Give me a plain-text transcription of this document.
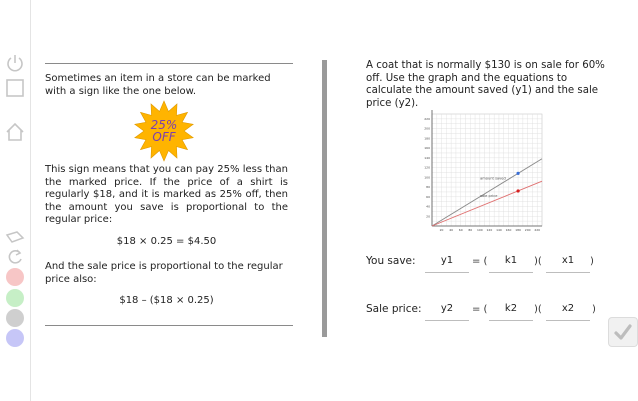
Sometimes an item in a store can be marked with a sign like the one below.
25%
OFF
This sign means that you can pay 25% less than the marked price. If the price of a shirt is regularly $18, and it is marked as 25% off, then the amount you save is proportional to the regular price:
$18 × 0.25 = $4.50
And the sale price is proportional to the regular price also:
$18 – ($18 × 0.25)
A coat that is normally $130 is on sale for 60% off. Use the graph and the equations to calculate the amount saved (y1) and the sale price (y2).
20 40 60 80 100 120 140 160 180 200 220
20
40
60
80
100
120
140
160
180
200
220
amount saved
sale price
You save:	y1	= (	k1	)(	x1	)
Sale price:	y2	= (	k2	)(	x2	)
